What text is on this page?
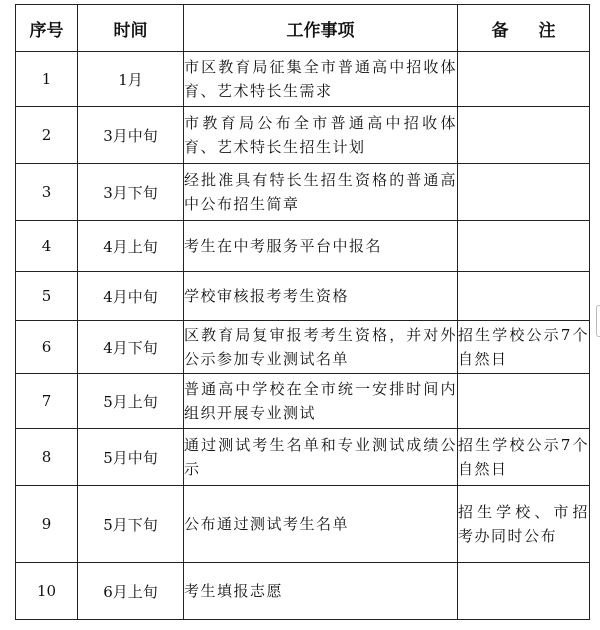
序号	时间	工作事项	备 注
1	1月	市区教育局征集全市普通高中招收体育、艺术特长生需求	
2	3月中旬	市教育局公布全市普通高中招收体育、艺术特长生招生计划	
3	3月下旬	经批准具有特长生招生资格的普通高中公布招生简章	
4	4月上旬	考生在中考服务平台中报名	
5	4月中旬	学校审核报考考生资格	
6	4月下旬	区教育局复审报考考生资格，并对外公示参加专业测试名单	招生学校公示7个自然日
7	5月上旬	普通高中学校在全市统一安排时间内组织开展专业测试	
8	5月中旬	通过测试考生名单和专业测试成绩公示	招生学校公示7个自然日
9	5月下旬	公布通过测试考生名单	招生学校、市招考办同时公布
10	6月上旬	考生填报志愿	
